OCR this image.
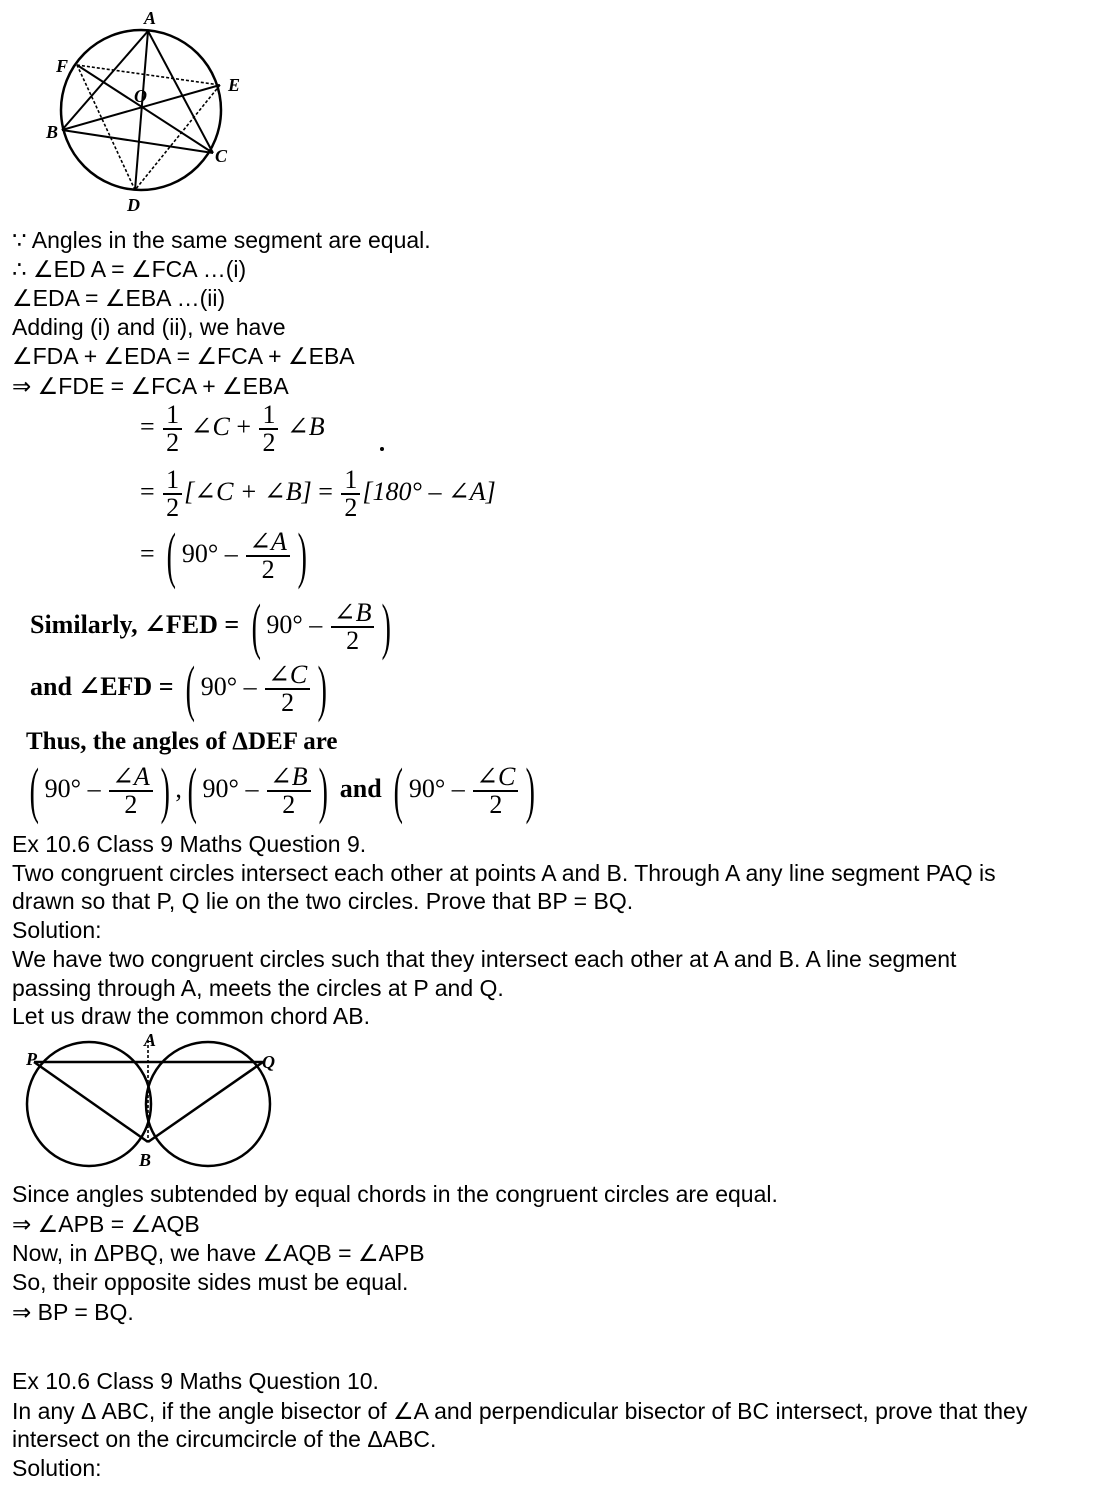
A
E
C
D
B
F
O
∵ Angles in the same segment are equal.
∴ ∠ED A = ∠FCA …(i)
∠EDA = ∠EBA …(ii)
Adding (i) and (ii), we have
∠FDA + ∠EDA = ∠FCA + ∠EBA
⇒ ∠FDE = ∠FCA + ∠EBA
= $\frac{1}{2}$ ∠C + $\frac{1}{2}$ ∠B
= $\frac{1}{2}$ [∠C + ∠B] = $\frac{1}{2} [180^\circ$ – ∠A]
= ( $90^\circ - \frac{\angle A}{2}$ )
Similarly, ∠FED = ( $90^\circ - \frac{\angle B}{2}$ )
and ∠EFD = ( $90^\circ - \frac{\angle C}{2}$ )
Thus, the angles of ΔDEF are
( $90^\circ - \frac{\angle A}{2}$ ) ,( $90^\circ - \frac{\angle B}{2}$ ) and ( $90^\circ - \frac{\angle C}{2}$ )
Ex 10.6 Class 9 Maths Question 9.
Two congruent circles intersect each other at points A and B. Through A any line segment PAQ is
drawn so that P, Q lie on the two circles. Prove that BP = BQ.
Solution:
We have two congruent circles such that they intersect each other at A and B. A line segment
passing through A, meets the circles at P and Q.
Let us draw the common chord AB.
P
A
Q
B
Since angles subtended by equal chords in the congruent circles are equal.
⇒ ∠APB = ∠AQB
Now, in ΔPBQ, we have ∠AQB = ∠APB
So, their opposite sides must be equal.
⇒ BP = BQ.
Ex 10.6 Class 9 Maths Question 10.
In any Δ ABC, if the angle bisector of ∠A and perpendicular bisector of BC intersect, prove that they
intersect on the circumcircle of the ΔABC.
Solution:
